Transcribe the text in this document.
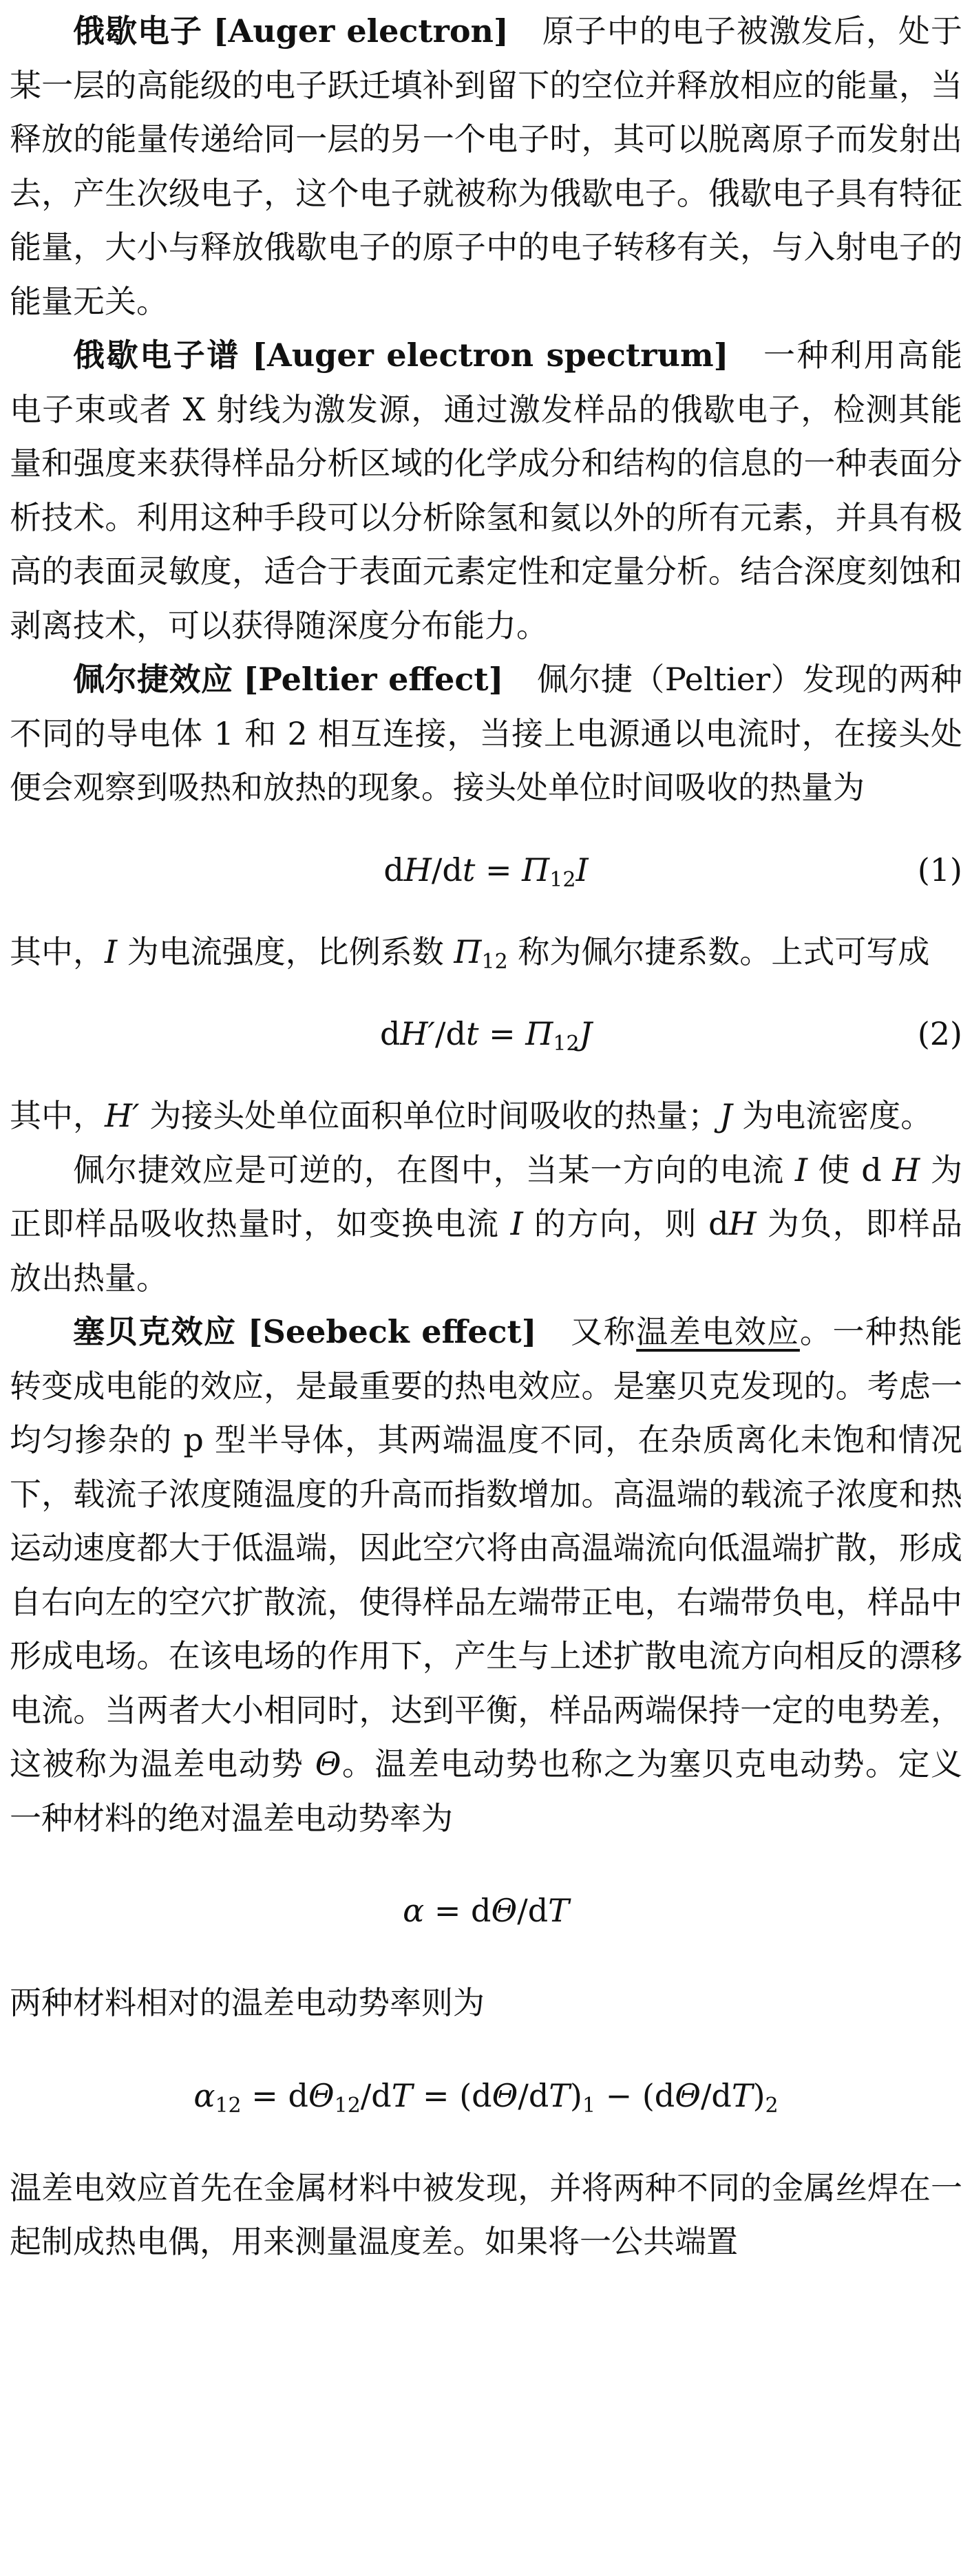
俄歇电子 [Auger electron] 原子中的电子被激发后，处于某一层的高能级的电子跃迁填补到留下的空位并释放相应的能量，当释放的能量传递给同一层的另一个电子时，其可以脱离原子而发射出去，产生次级电子，这个电子就被称为俄歇电子。俄歇电子具有特征能量，大小与释放俄歇电子的原子中的电子转移有关，与入射电子的能量无关。

俄歇电子谱 [Auger electron spectrum] 一种利用高能电子束或者 X 射线为激发源，通过激发样品的俄歇电子，检测其能量和强度来获得样品分析区域的化学成分和结构的信息的一种表面分析技术。利用这种手段可以分析除氢和氦以外的所有元素，并具有极高的表面灵敏度，适合于表面元素定性和定量分析。结合深度刻蚀和剥离技术，可以获得随深度分布能力。

佩尔捷效应 [Peltier effect] 佩尔捷（Peltier）发现的两种不同的导电体 1 和 2 相互连接，当接上电源通以电流时，在接头处便会观察到吸热和放热的现象。接头处单位时间吸收的热量为

$dH/dt = \Pi_{12}I$	(1)

其中，I 为电流强度，比例系数 $\Pi_{12}$ 称为佩尔捷系数。上式可写成

$dH'/dt = \Pi_{12}J$	(2)

其中，H′ 为接头处单位面积单位时间吸收的热量；J 为电流密度。

佩尔捷效应是可逆的，在图中，当某一方向的电流 I 使 d H 为正即样品吸收热量时，如变换电流 I 的方向，则 dH 为负，即样品放出热量。

塞贝克效应 [Seebeck effect] 又称温差电效应。一种热能转变成电能的效应，是最重要的热电效应。是塞贝克发现的。考虑一均匀掺杂的 p 型半导体，其两端温度不同，在杂质离化未饱和情况下，载流子浓度随温度的升高而指数增加。高温端的载流子浓度和热运动速度都大于低温端，因此空穴将由高温端流向低温端扩散，形成自右向左的空穴扩散流，使得样品左端带正电，右端带负电，样品中形成电场。在该电场的作用下，产生与上述扩散电流方向相反的漂移电流。当两者大小相同时，达到平衡，样品两端保持一定的电势差，这被称为温差电动势 Θ。温差电动势也称之为塞贝克电动势。定义一种材料的绝对温差电动势率为

α = dΘ/dT

两种材料相对的温差电动势率则为

$\alpha_{12} = d\Theta_{12}/dT = (d\Theta/dT)_1 - (d\Theta/dT)_2$

温差电效应首先在金属材料中被发现，并将两种不同的金属丝焊在一起制成热电偶，用来测量温度差。如果将一公共端置
